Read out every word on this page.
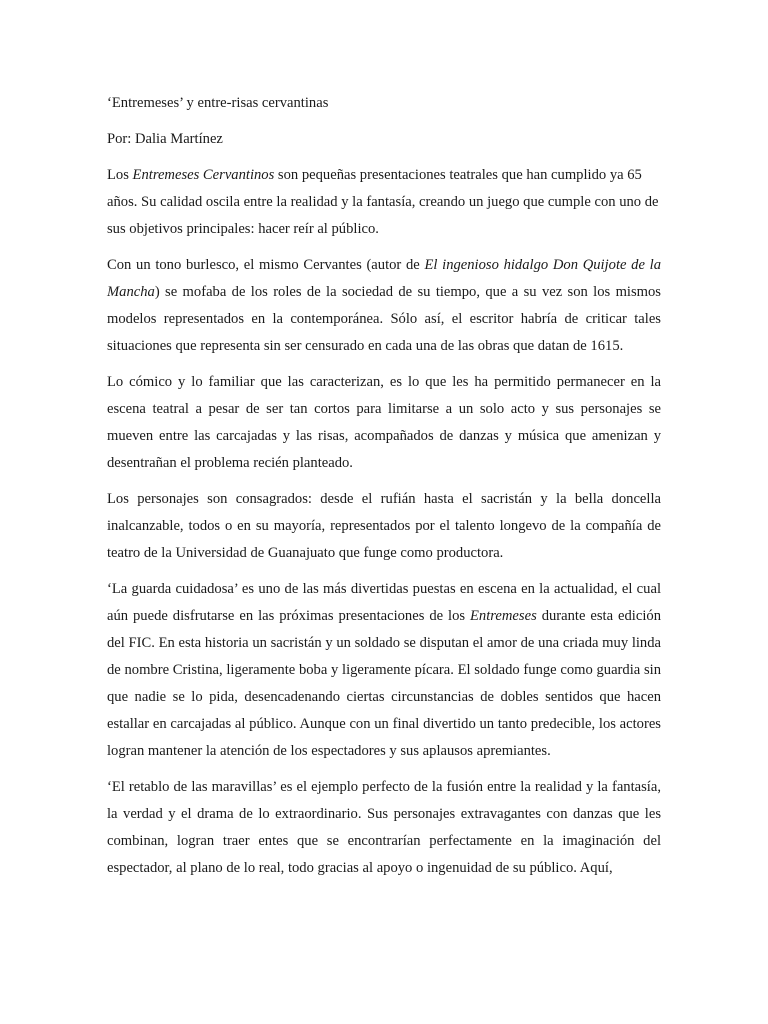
‘Entremeses’ y entre-risas cervantinas

Por: Dalia Martínez

Los Entremeses Cervantinos son pequeñas presentaciones teatrales que han cumplido ya 65 años. Su calidad oscila entre la realidad y la fantasía, creando un juego que cumple con uno de sus objetivos principales: hacer reír al público.

Con un tono burlesco, el mismo Cervantes (autor de El ingenioso hidalgo Don Quijote de la Mancha) se mofaba de los roles de la sociedad de su tiempo, que a su vez son los mismos modelos representados en la contemporánea. Sólo así, el escritor habría de criticar tales situaciones que representa sin ser censurado en cada una de las obras que datan de 1615.

Lo cómico y lo familiar que las caracterizan, es lo que les ha permitido permanecer en la escena teatral a pesar de ser tan cortos para limitarse a un solo acto y sus personajes se mueven entre las carcajadas y las risas, acompañados de danzas y música que amenizan y desentrañan el problema recién planteado.

Los personajes son consagrados: desde el rufián hasta el sacristán y la bella doncella inalcanzable, todos o en su mayoría, representados por el talento longevo de la compañía de teatro de la Universidad de Guanajuato que funge como productora.

‘La guarda cuidadosa’ es uno de las más divertidas puestas en escena en la actualidad, el cual aún puede disfrutarse en las próximas presentaciones de los Entremeses durante esta edición del FIC. En esta historia un sacristán y un soldado se disputan el amor de una criada muy linda de nombre Cristina, ligeramente boba y ligeramente pícara. El soldado funge como guardia sin que nadie se lo pida, desencadenando ciertas circunstancias de dobles sentidos que hacen estallar en carcajadas al público. Aunque con un final divertido un tanto predecible, los actores logran mantener la atención de los espectadores y sus aplausos apremiantes.

‘El retablo de las maravillas’ es el ejemplo perfecto de la fusión entre la realidad y la fantasía, la verdad y el drama de lo extraordinario. Sus personajes extravagantes con danzas que les combinan, logran traer entes que se encontrarían perfectamente en la imaginación del espectador, al plano de lo real, todo gracias al apoyo o ingenuidad de su público. Aquí,
